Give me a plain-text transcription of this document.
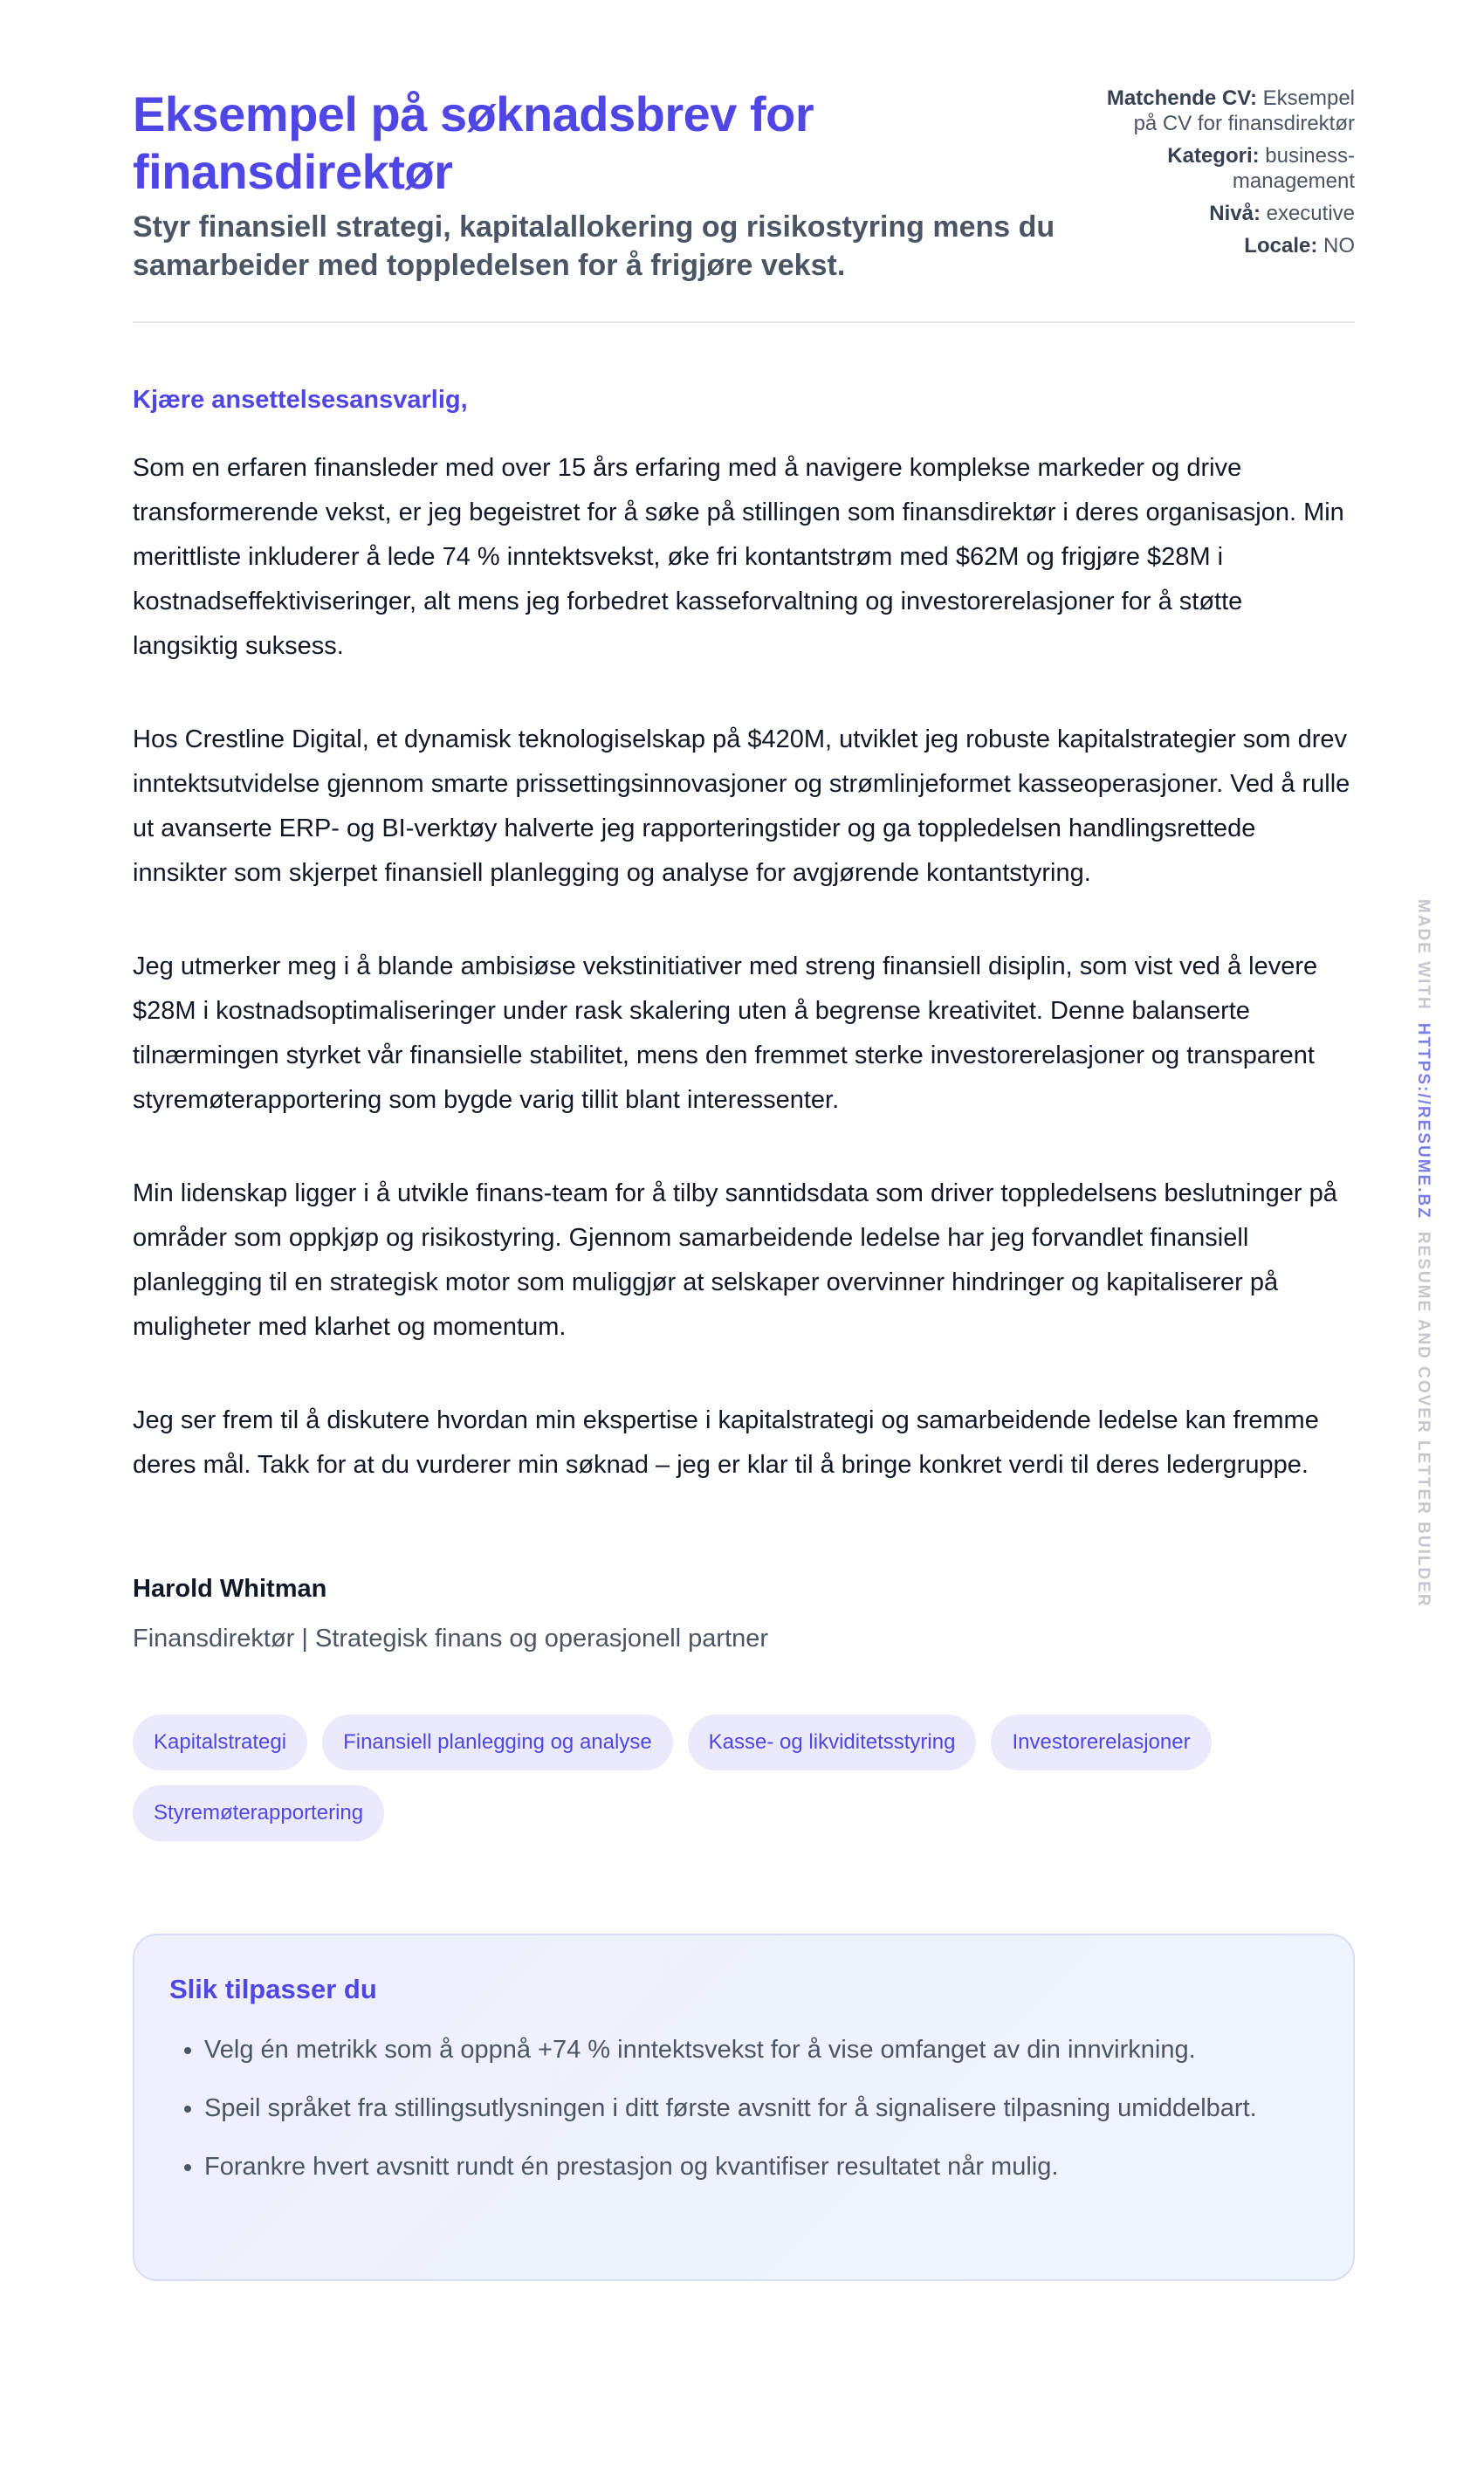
Eksempel på søknadsbrev for finansdirektør
Styr finansiell strategi, kapitalallokering og risikostyring mens du samarbeider med toppledelsen for å frigjøre vekst.
Matchende CV: Eksempel på CV for finansdirektør
Kategori: business-management
Nivå: executive
Locale: NO
Kjære ansettelsesansvarlig,

Som en erfaren finansleder med over 15 års erfaring med å navigere komplekse markeder og drive transformerende vekst, er jeg begeistret for å søke på stillingen som finansdirektør i deres organisasjon. Min merittliste inkluderer å lede 74 % inntektsvekst, øke fri kontantstrøm med $62M og frigjøre $28M i kostnadseffektiviseringer, alt mens jeg forbedret kasseforvaltning og investorerelasjoner for å støtte langsiktig suksess.

Hos Crestline Digital, et dynamisk teknologiselskap på $420M, utviklet jeg robuste kapitalstrategier som drev inntektsutvidelse gjennom smarte prissettingsinnovasjoner og strømlinjeformet kasseoperasjoner. Ved å rulle ut avanserte ERP- og BI-verktøy halverte jeg rapporteringstider og ga toppledelsen handlingsrettede innsikter som skjerpet finansiell planlegging og analyse for avgjørende kontantstyring.

Jeg utmerker meg i å blande ambisiøse vekstinitiativer med streng finansiell disiplin, som vist ved å levere $28M i kostnadsoptimaliseringer under rask skalering uten å begrense kreativitet. Denne balanserte tilnærmingen styrket vår finansielle stabilitet, mens den fremmet sterke investorerelasjoner og transparent styremøterapportering som bygde varig tillit blant interessenter.

Min lidenskap ligger i å utvikle finans-team for å tilby sanntidsdata som driver toppledelsens beslutninger på områder som oppkjøp og risikostyring. Gjennom samarbeidende ledelse har jeg forvandlet finansiell planlegging til en strategisk motor som muliggjør at selskaper overvinner hindringer og kapitaliserer på muligheter med klarhet og momentum.

Jeg ser frem til å diskutere hvordan min ekspertise i kapitalstrategi og samarbeidende ledelse kan fremme deres mål. Takk for at du vurderer min søknad – jeg er klar til å bringe konkret verdi til deres ledergruppe.

Harold Whitman
Finansdirektør | Strategisk finans og operasjonell partner
Kapitalstrategi	Finansiell planlegging og analyse	Kasse- og likviditetsstyring	Investorerelasjoner
Styremøterapportering
Slik tilpasser du
• Velg én metrikk som å oppnå +74 % inntektsvekst for å vise omfanget av din innvirkning.
• Speil språket fra stillingsutlysningen i ditt første avsnitt for å signalisere tilpasning umiddelbart.
• Forankre hvert avsnitt rundt én prestasjon og kvantifiser resultatet når mulig.
MADE WITHHTTPS://RESUME.BZRESUME AND COVER LETTER BUILDER
